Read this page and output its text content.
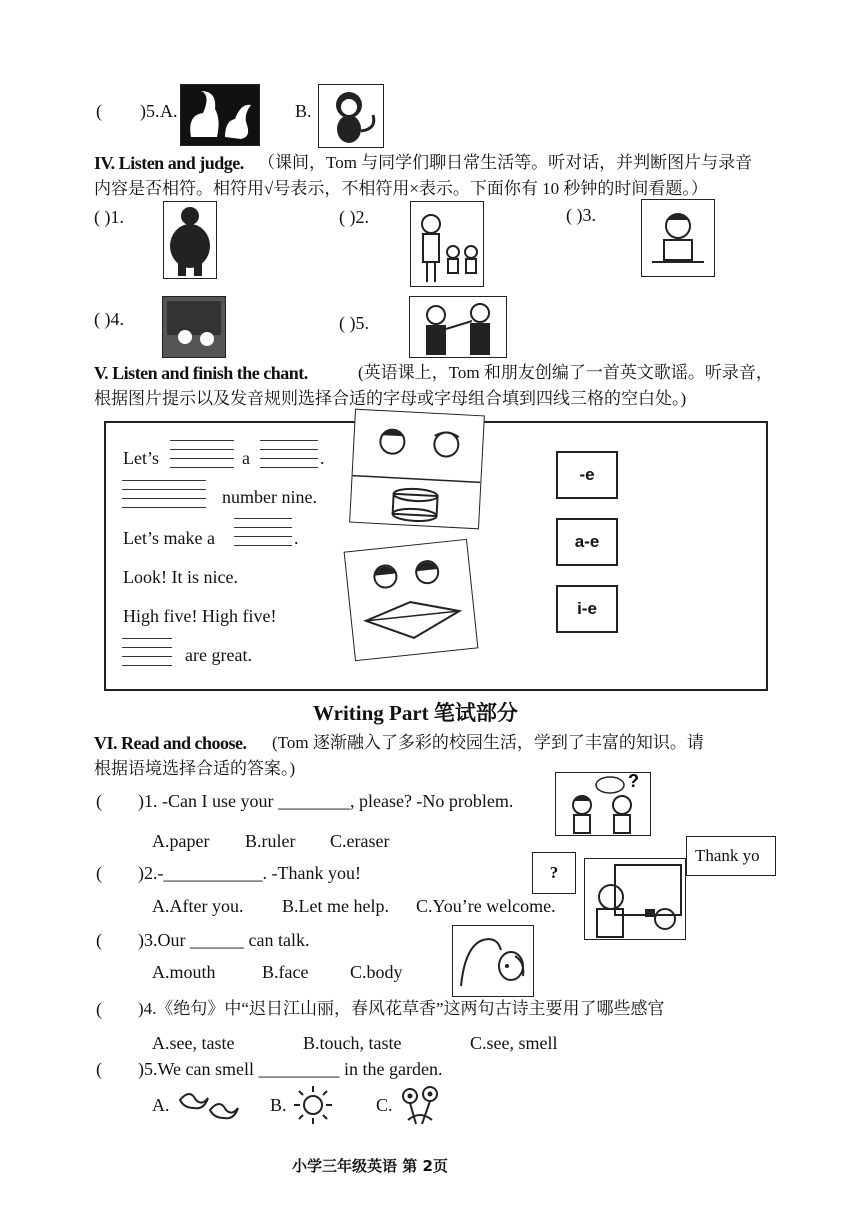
( )5. A.	B.
IV. Listen and judge. （课间，Tom 与同学们聊日常生活等。听对话，并判断图片与录音
内容是否相符。相符用√号表示，不相符用×表示。下面你有 10 秒钟的时间看题。）
( )1.	( )2.	( )3.
( )4.	( )5.
V. Listen and finish the chant.	(英语课上，Tom 和朋友创编了一首英文歌谣。听录音，
根据图片提示以及发音规则选择合适的字母或字母组合填到四线三格的空白处。)
Let’s	a	.
number nine.
Let’s make a	.
Look! It is nice.
High five! High five!
are great.
-e
a-e
i-e
Writing Part 笔试部分
VI. Read and choose. (Tom 逐渐融入了多彩的校园生活，学到了丰富的知识。请
根据语境选择合适的答案。)
( )1. -Can I use your ________, please? -No problem.
A.paper B.ruler C.eraser
?
( )2.-___________. -Thank you!
A.After you. B.Let me help. C.You’re welcome.
?
Thank yo
( )3.Our ______ can talk.
A.mouth	B.face C.body
( )4.《绝句》中“迟日江山丽，春风花草香”这两句古诗主要用了哪些感官
A.see, taste	B.touch, taste	C.see, smell
( )5.We can smell _________ in the garden.
A.	B.	C.
小学三年级英语 第 2页
